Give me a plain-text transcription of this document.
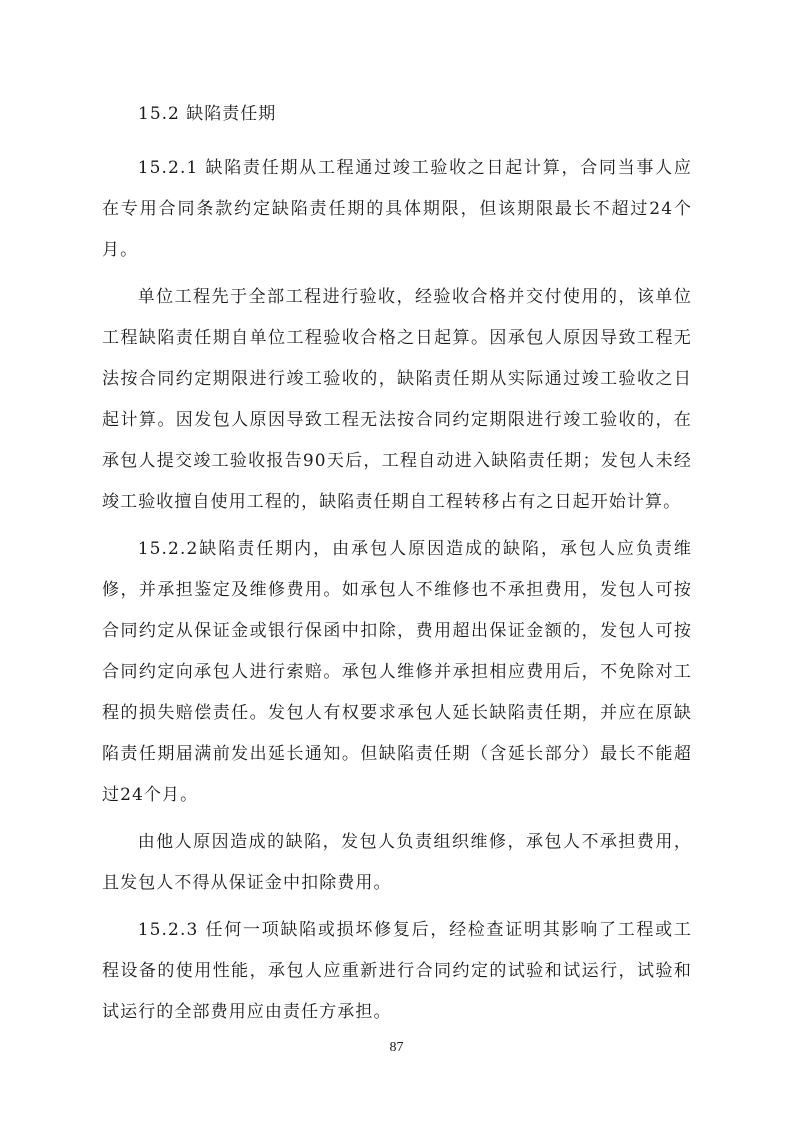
15.2 缺陷责任期

15.2.1 缺陷责任期从工程通过竣工验收之日起计算，合同当事人应在专用合同条款约定缺陷责任期的具体期限，但该期限最长不超过24个月。

单位工程先于全部工程进行验收，经验收合格并交付使用的，该单位工程缺陷责任期自单位工程验收合格之日起算。因承包人原因导致工程无法按合同约定期限进行竣工验收的，缺陷责任期从实际通过竣工验收之日起计算。因发包人原因导致工程无法按合同约定期限进行竣工验收的，在承包人提交竣工验收报告90天后，工程自动进入缺陷责任期；发包人未经竣工验收擅自使用工程的，缺陷责任期自工程转移占有之日起开始计算。

15.2.2缺陷责任期内，由承包人原因造成的缺陷，承包人应负责维修，并承担鉴定及维修费用。如承包人不维修也不承担费用，发包人可按合同约定从保证金或银行保函中扣除，费用超出保证金额的，发包人可按合同约定向承包人进行索赔。承包人维修并承担相应费用后，不免除对工程的损失赔偿责任。发包人有权要求承包人延长缺陷责任期，并应在原缺陷责任期届满前发出延长通知。但缺陷责任期（含延长部分）最长不能超过24个月。

由他人原因造成的缺陷，发包人负责组织维修，承包人不承担费用，且发包人不得从保证金中扣除费用。

15.2.3 任何一项缺陷或损坏修复后，经检查证明其影响了工程或工程设备的使用性能，承包人应重新进行合同约定的试验和试运行，试验和试运行的全部费用应由责任方承担。

87
